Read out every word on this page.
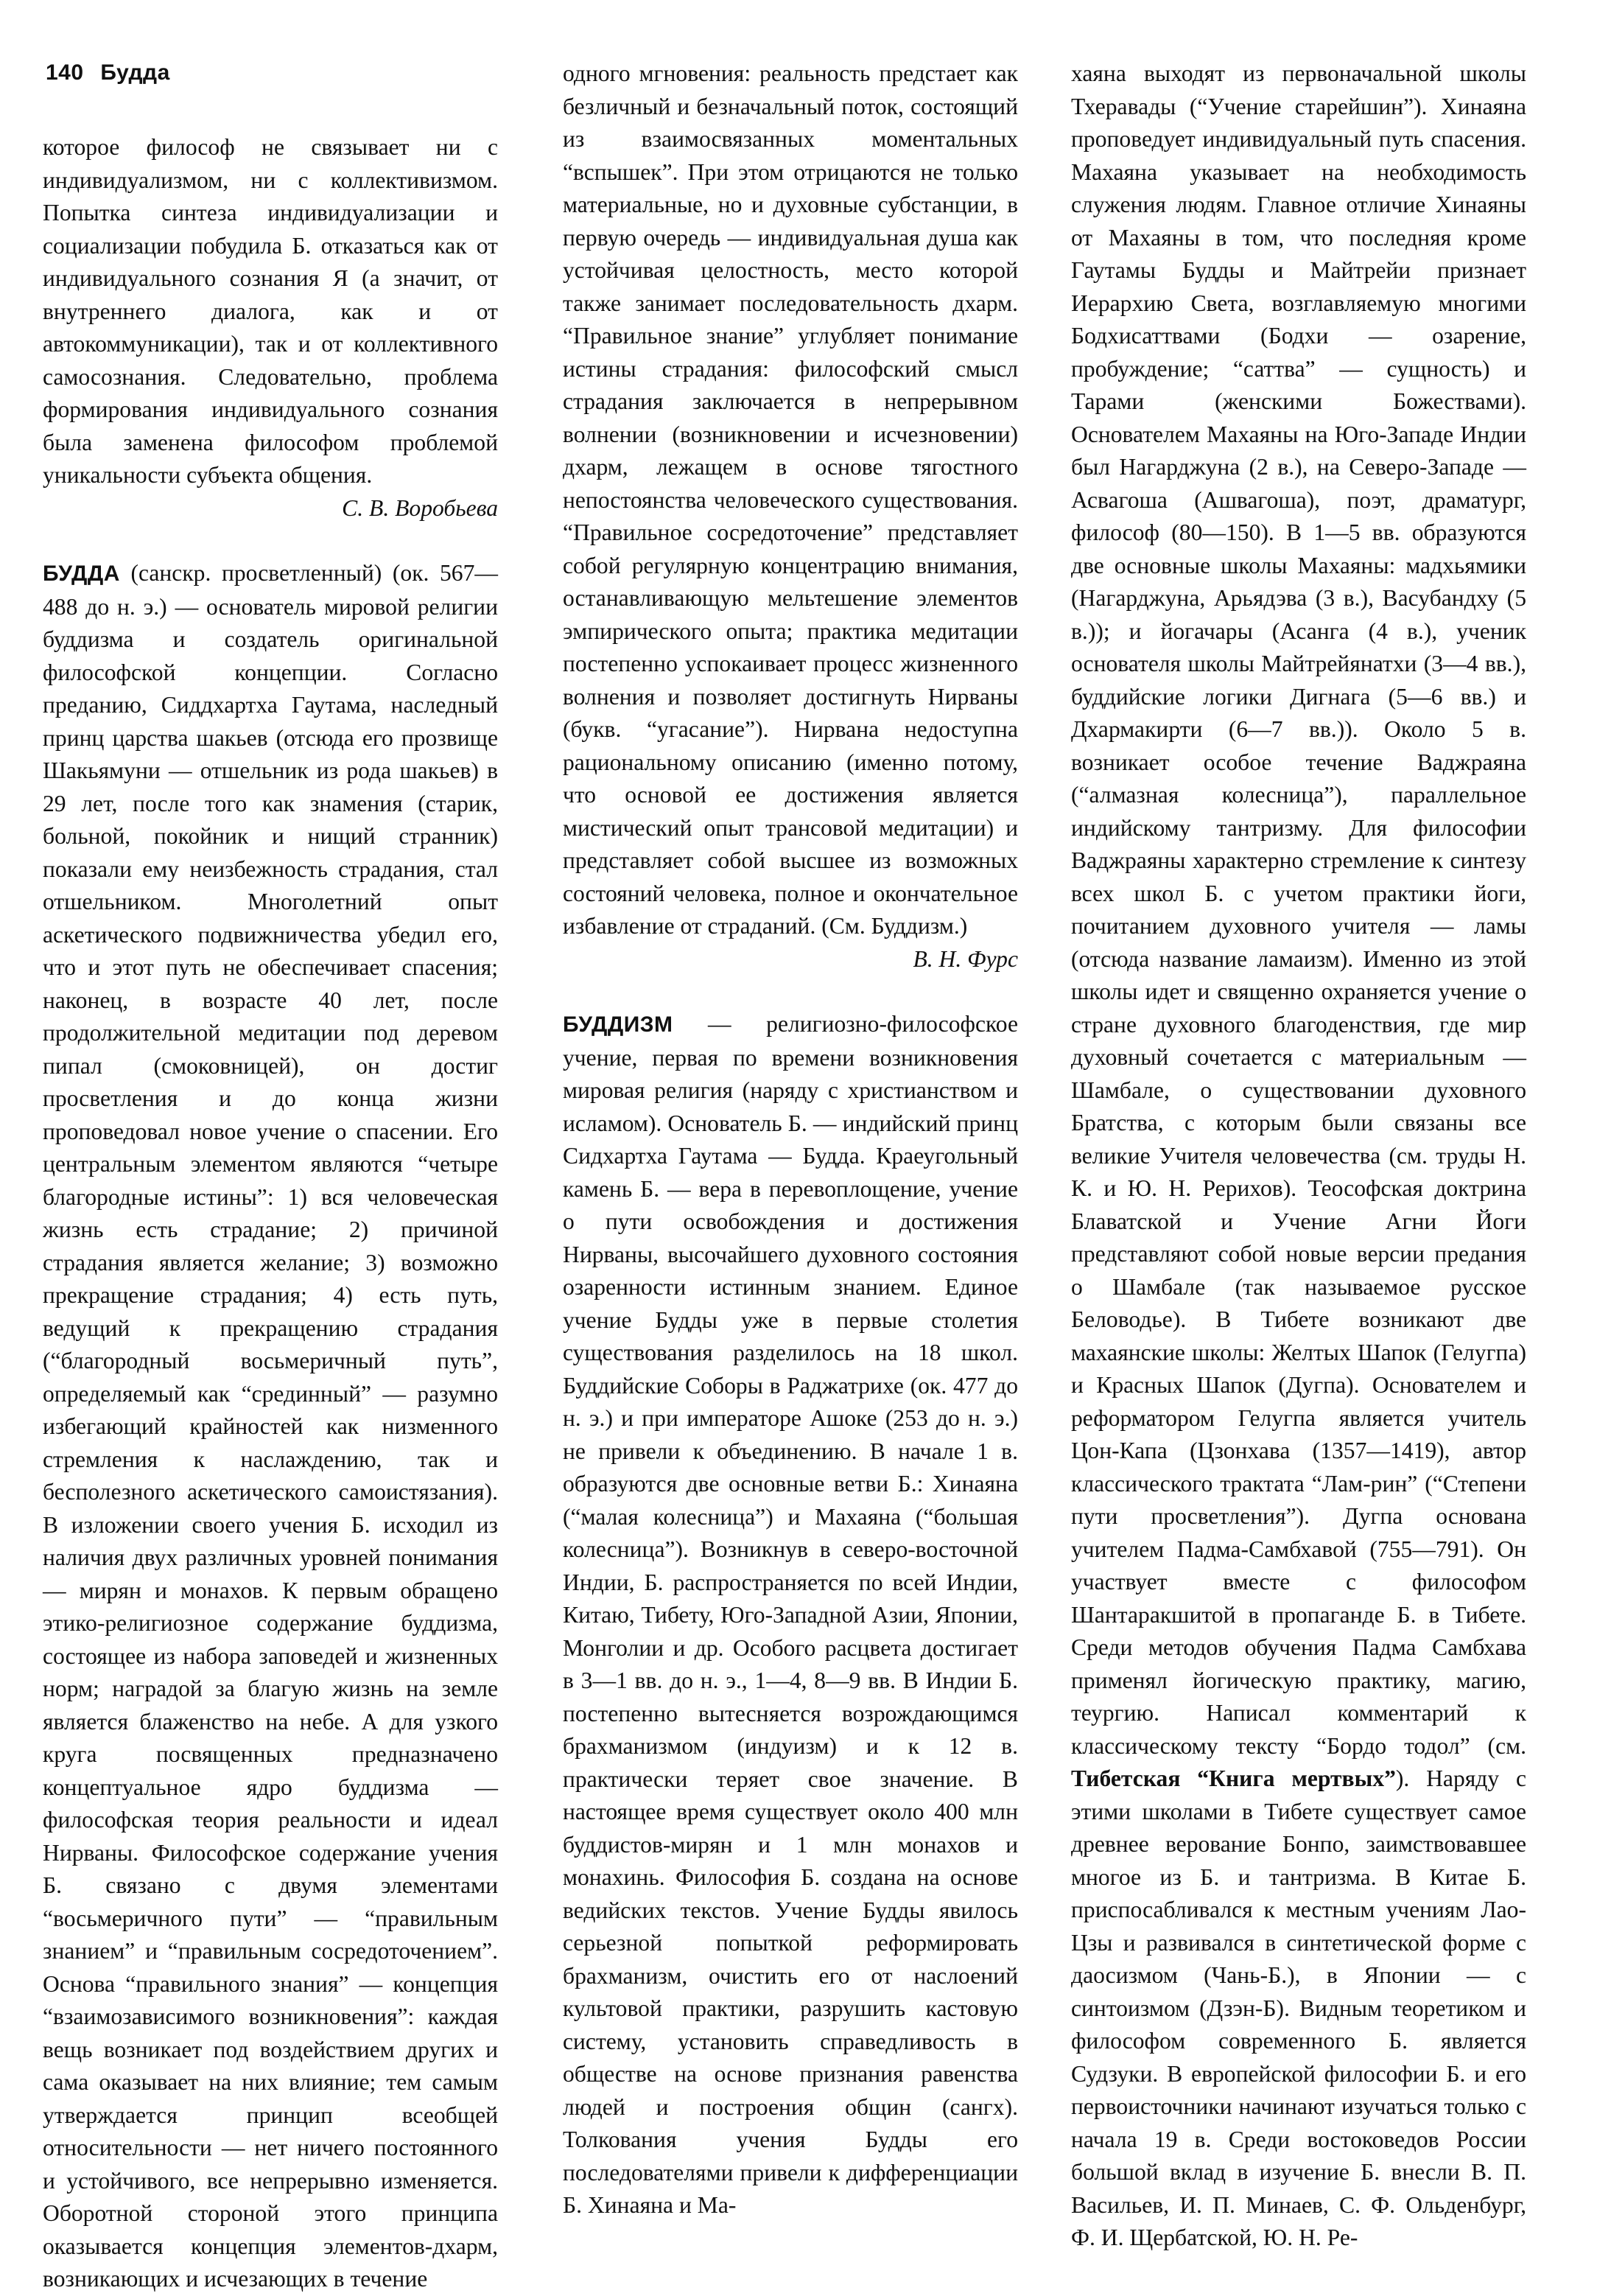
140 Будда

которое философ не связывает ни с индивидуализмом, ни с коллективизмом. Попытка синтеза индивидуализации и социализации побудила Б. отказаться как от индивидуального сознания Я (а значит, от внутреннего диалога, как и от автокоммуникации), так и от коллективного самосознания. Следовательно, проблема формирования индивидуального сознания была заменена философом проблемой уникальности субъекта общения.

С. В. Воробьева

БУДДА (санскр. просветленный) (ок. 567—488 до н. э.) — основатель мировой религии буддизма и создатель оригинальной философской концепции. Согласно преданию, Сиддхартха Гаутама, наследный принц царства шакьев (отсюда его прозвище Шакьямуни — отшельник из рода шакьев) в 29 лет, после того как знамения (старик, больной, покойник и нищий странник) показали ему неизбежность страдания, стал отшельником. Многолетний опыт аскетического подвижничества убедил его, что и этот путь не обеспечивает спасения; наконец, в возрасте 40 лет, после продолжительной медитации под деревом пипал (смоковницей), он достиг просветления и до конца жизни проповедовал новое учение о спасении. Его центральным элементом являются “четыре благородные истины”: 1) вся человеческая жизнь есть страдание; 2) причиной страдания является желание; 3) возможно прекращение страдания; 4) есть путь, ведущий к прекращению страдания (“благородный восьмеричный путь”, определяемый как “срединный” — разумно избегающий крайностей как низменного стремления к наслаждению, так и бесполезного аскетического самоистязания). В изложении своего учения Б. исходил из наличия двух различных уровней понимания — мирян и монахов. К первым обращено этико-религиозное содержание буддизма, состоящее из набора заповедей и жизненных норм; наградой за благую жизнь на земле является блаженство на небе. А для узкого круга посвященных предназначено концептуальное ядро буддизма — философская теория реальности и идеал Нирваны. Философское содержание учения Б. связано с двумя элементами “восьмеричного пути” — “правильным знанием” и “правильным сосредоточением”. Основа “правильного знания” — концепция “взаимозависимого возникновения”: каждая вещь возникает под воздействием других и сама оказывает на них влияние; тем самым утверждается принцип всеобщей относительности — нет ничего постоянного и устойчивого, все непрерывно изменяется. Оборотной стороной этого принципа оказывается концепция элементов-дхарм, возникающих и исчезающих в течение

одного мгновения: реальность предстает как безличный и безначальный поток, состоящий из взаимосвязанных моментальных “вспышек”. При этом отрицаются не только материальные, но и духовные субстанции, в первую очередь — индивидуальная душа как устойчивая целостность, место которой также занимает последовательность дхарм. “Правильное знание” углубляет понимание истины страдания: философский смысл страдания заключается в непрерывном волнении (возникновении и исчезновении) дхарм, лежащем в основе тягостного непостоянства человеческого существования. “Правильное сосредоточение” представляет собой регулярную концентрацию внимания, останавливающую мельтешение элементов эмпирического опыта; практика медитации постепенно успокаивает процесс жизненного волнения и позволяет достигнуть Нирваны (букв. “угасание”). Нирвана недоступна рациональному описанию (именно потому, что основой ее достижения является мистический опыт трансовой медитации) и представляет собой высшее из возможных состояний человека, полное и окончательное избавление от страданий. (См. Буддизм.)

В. Н. Фурс

БУДДИЗМ — религиозно-философское учение, первая по времени возникновения мировая религия (наряду с христианством и исламом). Основатель Б. — индийский принц Сидхартха Гаутама — Будда. Краеугольный камень Б. — вера в перевоплощение, учение о пути освобождения и достижения Нирваны, высочайшего духовного состояния озаренности истинным знанием. Единое учение Будды уже в первые столетия существования разделилось на 18 школ. Буддийские Соборы в Раджатрихе (ок. 477 до н. э.) и при императоре Ашоке (253 до н. э.) не привели к объединению. В начале 1 в. образуются две основные ветви Б.: Хинаяна (“малая колесница”) и Махаяна (“большая колесница”). Возникнув в северо-восточной Индии, Б. распространяется по всей Индии, Китаю, Тибету, Юго-Западной Азии, Японии, Монголии и др. Особого расцвета достигает в 3—1 вв. до н. э., 1—4, 8—9 вв. В Индии Б. постепенно вытесняется возрождающимся брахманизмом (индуизм) и к 12 в. практически теряет свое значение. В настоящее время существует около 400 млн буддистов-мирян и 1 млн монахов и монахинь. Философия Б. создана на основе ведийских текстов. Учение Будды явилось серьезной попыткой реформировать брахманизм, очистить его от наслоений культовой практики, разрушить кастовую систему, установить справедливость в обществе на основе признания равенства людей и построения общин (сангх). Толкования учения Будды его последователями привели к дифференциации Б. Хинаяна и Ма-

хаяна выходят из первоначальной школы Тхеравады (“Учение старейшин”). Хинаяна проповедует индивидуальный путь спасения. Махаяна указывает на необходимость служения людям. Главное отличие Хинаяны от Махаяны в том, что последняя кроме Гаутамы Будды и Майтрейи признает Иерархию Света, возглавляемую многими Бодхисаттвами (Бодхи — озарение, пробуждение; “саттва” — сущность) и Тарами (женскими Божествами). Основателем Махаяны на Юго-Западе Индии был Нагарджуна (2 в.), на Северо-Западе — Асвагоша (Ашвагоша), поэт, драматург, философ (80—150). В 1—5 вв. образуются две основные школы Махаяны: мадхьямики (Нагарджуна, Арьядэва (3 в.), Васубандху (5 в.)); и йогачары (Асанга (4 в.), ученик основателя школы Майтрейянатхи (3—4 вв.), буддийские логики Дигнага (5—6 вв.) и Дхармакирти (6—7 вв.)). Около 5 в. возникает особое течение Ваджраяна (“алмазная колесница”), параллельное индийскому тантризму. Для философии Ваджраяны характерно стремление к синтезу всех школ Б. с учетом практики йоги, почитанием духовного учителя — ламы (отсюда название ламаизм). Именно из этой школы идет и священно охраняется учение о стране духовного благоденствия, где мир духовный сочетается с материальным — Шамбале, о существовании духовного Братства, с которым были связаны все великие Учителя человечества (см. труды Н. К. и Ю. Н. Рерихов). Теософская доктрина Блаватской и Учение Агни Йоги представляют собой новые версии предания о Шамбале (так называемое русское Беловодье). В Тибете возникают две махаянские школы: Желтых Шапок (Гелугпа) и Красных Шапок (Дугпа). Основателем и реформатором Гелугпа является учитель Цон-Капа (Цзонхава (1357—1419), автор классического трактата “Лам-рин” (“Степени пути просветления”). Дугпа основана учителем Падма-Самбхавой (755—791). Он участвует вместе с философом Шантаракшитой в пропаганде Б. в Тибете. Среди методов обучения Падма Самбхава применял йогическую практику, магию, теургию. Написал комментарий к классическому тексту “Бордо тодол” (см. Тибетская “Книга мертвых”). Наряду с этими школами в Тибете существует самое древнее верование Бонпо, заимствовавшее многое из Б. и тантризма. В Китае Б. приспосабливался к местным учениям Лао-Цзы и развивался в синтетической форме с даосизмом (Чань-Б.), в Японии — с синтоизмом (Дзэн-Б). Видным теоретиком и философом современного Б. является Судзуки. В европейской философии Б. и его первоисточники начинают изучаться только с начала 19 в. Среди востоковедов России большой вклад в изучение Б. внесли В. П. Васильев, И. П. Минаев, С. Ф. Ольденбург, Ф. И. Щербатской, Ю. Н. Ре-
